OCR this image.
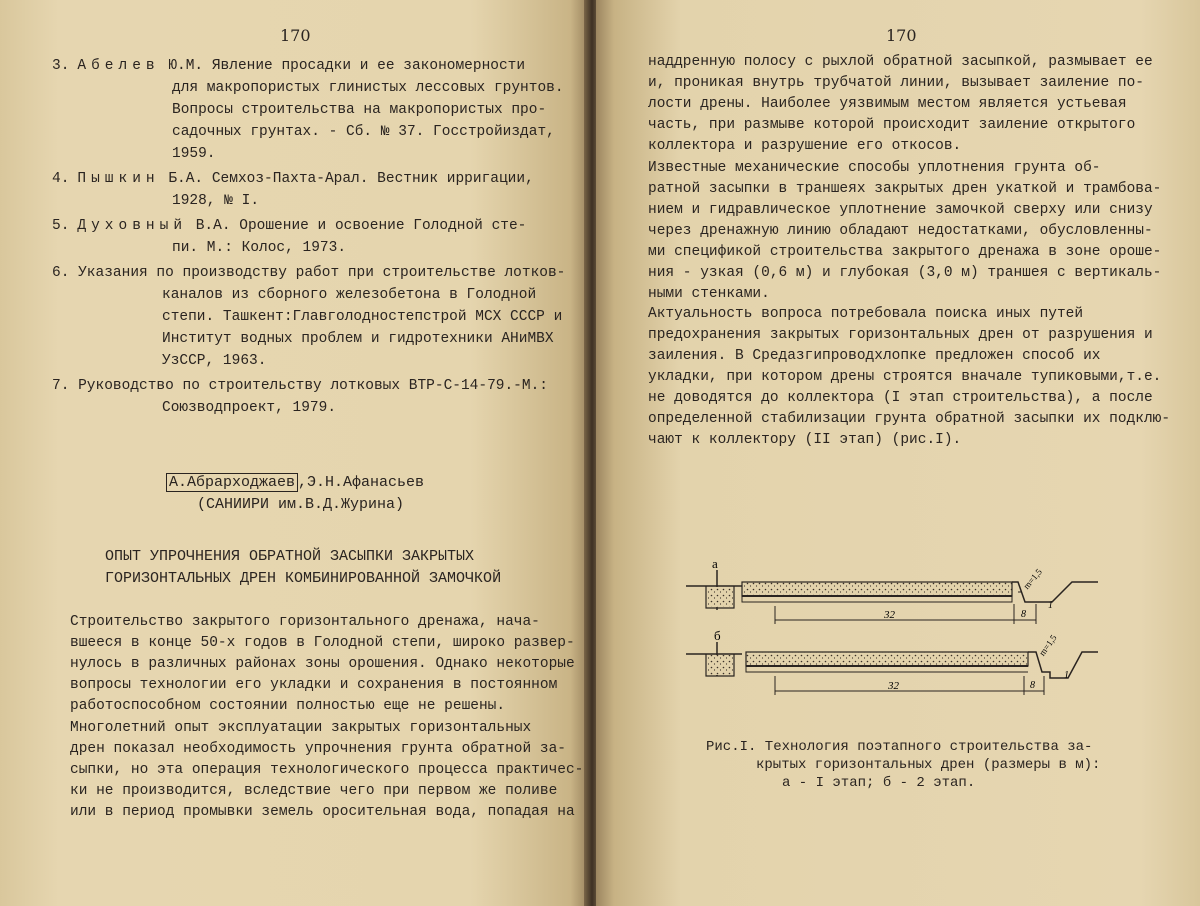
170
3. Абелев Ю.М. Явление просадки и ее закономерности
для макропористых глинистых лессовых грунтов.
Вопросы строительства на макропористых про-
садочных грунтах. - Сб. № 37. Госстройиздат,
1959.
4. Пышкин Б.А. Семхоз-Пахта-Арал. Вестник ирригации,
1928, № I.
5. Духовный В.А. Орошение и освоение Голодной сте-
пи. М.: Колос, 1973.
6. Указания по производству работ при строительстве лотков-
каналов из сборного железобетона в Голодной
степи. Ташкент:Главголодностепстрой МСХ СССР и
Институт водных проблем и гидротехники АНиМВХ
УзССР, 1963.
7. Руководство по строительству лотковых ВТР-С-14-79.-М.:
Союзводпроект, 1979.
А.Абрарходжаев ,Э.Н.Афанасьев
(САНИИРИ им.В.Д.Журина)
ОПЫТ УПРОЧНЕНИЯ ОБРАТНОЙ ЗАСЫПКИ ЗАКРЫТЫХ
ГОРИЗОНТАЛЬНЫХ ДРЕН КОМБИНИРОВАННОЙ ЗАМОЧКОЙ
Строительство закрытого горизонтального дренажа, нача-
вшееся в конце 50-х годов в Голодной степи, широко развер-
нулось в различных районах зоны орошения. Однако некоторые
вопросы технологии его укладки и сохранения в постоянном
работоспособном состоянии полностью еще не решены.
Многолетний опыт эксплуатации закрытых горизонтальных
дрен показал необходимость упрочнения грунта обратной за-
сыпки, но эта операция технологического процесса практичес-
ки не производится, вследствие чего при первом же поливе
или в период промывки земель оросительная вода, попадая на
170
наддренную полосу с рыхлой обратной засыпкой, размывает ее
и, проникая внутрь трубчатой линии, вызывает заиление по-
лости дрены. Наиболее уязвимым местом является устьевая
часть, при размыве которой происходит заиление открытого
коллектора и разрушение его откосов.
Известные механические способы уплотнения грунта об-
ратной засыпки в траншеях закрытых дрен укаткой и трамбова-
нием и гидравлическое уплотнение замочкой сверху или снизу
через дренажную линию обладают недостатками, обусловленны-
ми спецификой строительства закрытого дренажа в зоне ороше-
ния - узкая (0,6 м) и глубокая (3,0 м) траншея с вертикаль-
ными стенками.
Актуальность вопроса потребовала поиска иных путей
предохранения закрытых горизонтальных дрен от разрушения и
заиления. В Средазгипроводхлопке предложен способ их
укладки, при котором дрены строятся вначале тупиковыми,т.е.
не доводятся до коллектора (I этап строительства), а после
определенной стабилизации грунта обратной засыпки их подклю-
чают к коллектору (II этап) (рис.I).
а
m=1,5
32	8
1
б	m=1,5
32	8
1
Рис.I. Технология поэтапного строительства за-
крытых горизонтальных дрен (размеры в м):
а - I этап; б - 2 этап.
